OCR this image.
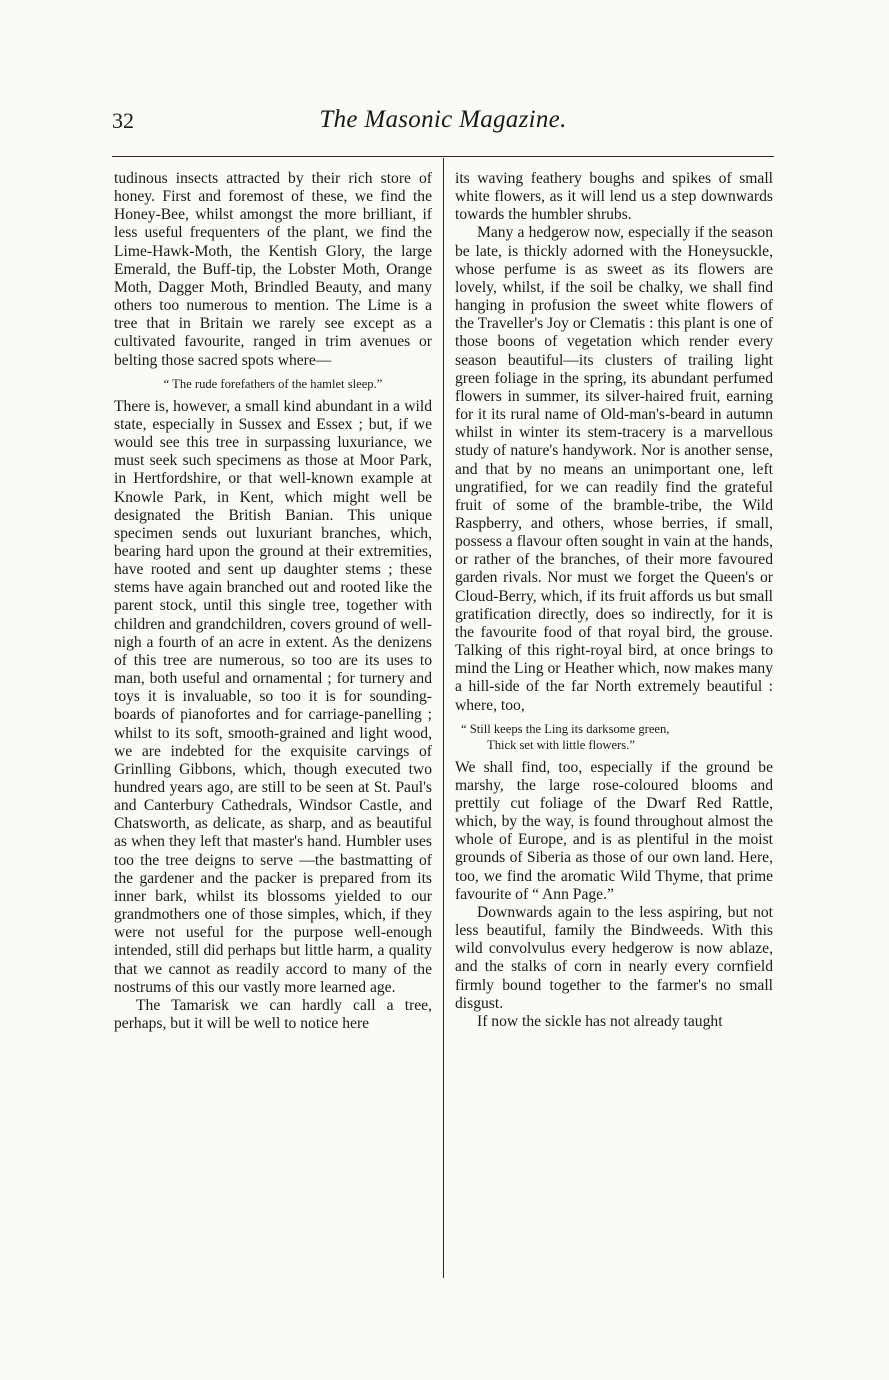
32	The Masonic Magazine.

tudinous insects attracted by their rich store of honey. First and foremost of these, we find the Honey-Bee, whilst amongst the more brilliant, if less useful frequenters of the plant, we find the Lime-Hawk-Moth, the Kentish Glory, the large Emerald, the Buff-tip, the Lobster Moth, Orange Moth, Dagger Moth, Brindled Beauty, and many others too numerous to mention. The Lime is a tree that in Britain we rarely see except as a cultivated favourite, ranged in trim avenues or belting those sacred spots where—

“ The rude forefathers of the hamlet sleep.”

There is, however, a small kind abundant in a wild state, especially in Sussex and Essex ; but, if we would see this tree in surpassing luxuriance, we must seek such specimens as those at Moor Park, in Hertfordshire, or that well-known example at Knowle Park, in Kent, which might well be designated the British Banian. This unique specimen sends out luxuriant branches, which, bearing hard upon the ground at their extremities, have rooted and sent up daughter stems ; these stems have again branched out and rooted like the parent stock, until this single tree, together with children and grandchildren, covers ground of well-nigh a fourth of an acre in extent. As the denizens of this tree are numerous, so too are its uses to man, both useful and ornamental ; for turnery and toys it is invaluable, so too it is for sounding-boards of pianofortes and for carriage-panelling ; whilst to its soft, smooth-grained and light wood, we are indebted for the exquisite carvings of Grinlling Gibbons, which, though executed two hundred years ago, are still to be seen at St. Paul's and Canterbury Cathedrals, Windsor Castle, and Chatsworth, as delicate, as sharp, and as beautiful as when they left that master's hand. Humbler uses too the tree deigns to serve —the bastmatting of the gardener and the packer is prepared from its inner bark, whilst its blossoms yielded to our grandmothers one of those simples, which, if they were not useful for the purpose well-enough intended, still did perhaps but little harm, a quality that we cannot as readily accord to many of the nostrums of this our vastly more learned age.

The Tamarisk we can hardly call a tree, perhaps, but it will be well to notice here

its waving feathery boughs and spikes of small white flowers, as it will lend us a step downwards towards the humbler shrubs.

Many a hedgerow now, especially if the season be late, is thickly adorned with the Honeysuckle, whose perfume is as sweet as its flowers are lovely, whilst, if the soil be chalky, we shall find hanging in profusion the sweet white flowers of the Traveller's Joy or Clematis : this plant is one of those boons of vegetation which render every season beautiful—its clusters of trailing light green foliage in the spring, its abundant perfumed flowers in summer, its silver-haired fruit, earning for it its rural name of Old-man's-beard in autumn whilst in winter its stem-tracery is a marvellous study of nature's handywork. Nor is another sense, and that by no means an unimportant one, left ungratified, for we can readily find the grateful fruit of some of the bramble-tribe, the Wild Raspberry, and others, whose berries, if small, possess a flavour often sought in vain at the hands, or rather of the branches, of their more favoured garden rivals. Nor must we forget the Queen's or Cloud-Berry, which, if its fruit affords us but small gratification directly, does so indirectly, for it is the favourite food of that royal bird, the grouse. Talking of this right-royal bird, at once brings to mind the Ling or Heather which, now makes many a hill-side of the far North extremely beautiful : where, too,

“ Still keeps the Ling its darksome green,
Thick set with little flowers.”

We shall find, too, especially if the ground be marshy, the large rose-coloured blooms and prettily cut foliage of the Dwarf Red Rattle, which, by the way, is found throughout almost the whole of Europe, and is as plentiful in the moist grounds of Siberia as those of our own land. Here, too, we find the aromatic Wild Thyme, that prime favourite of “ Ann Page.”

Downwards again to the less aspiring, but not less beautiful, family the Bindweeds. With this wild convolvulus every hedgerow is now ablaze, and the stalks of corn in nearly every cornfield firmly bound together to the farmer's no small disgust.

If now the sickle has not already taught
